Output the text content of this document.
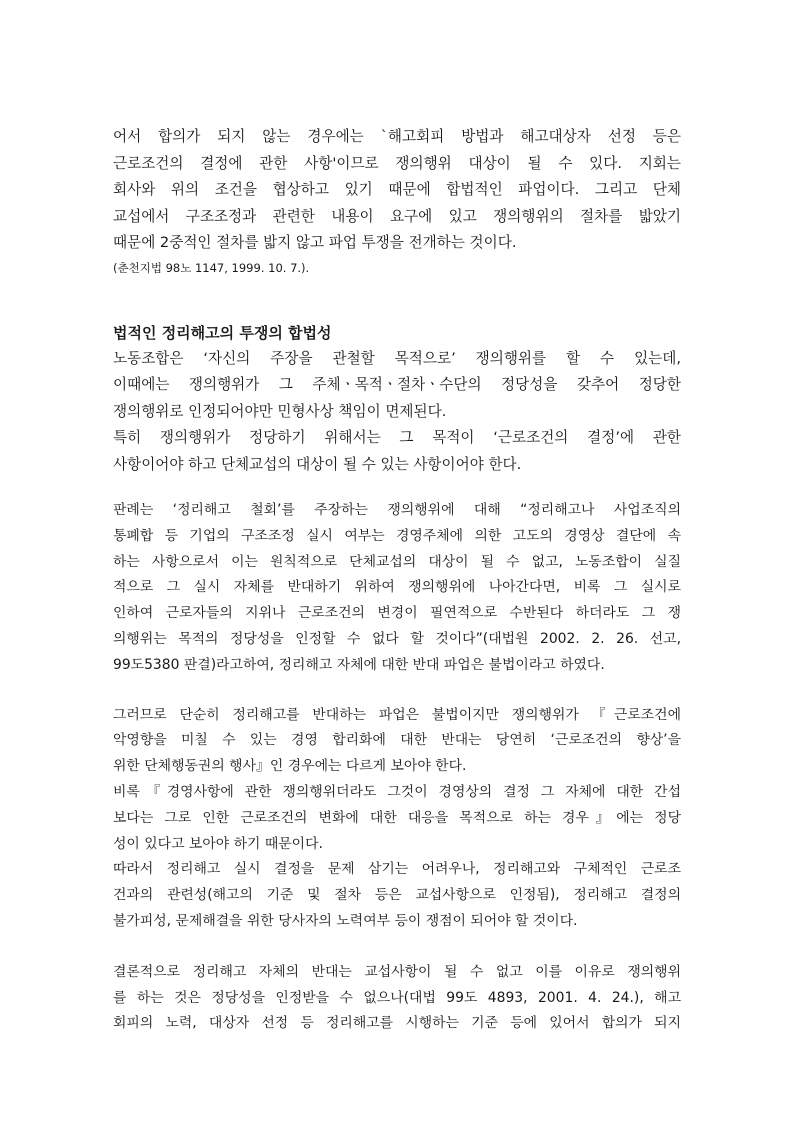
어서 합의가 되지 않는 경우에는 `해고회피 방법과 해고대상자 선정 등은

근로조건의 결정에 관한 사항'이므로 쟁의행위 대상이 될 수 있다. 지회는

회사와 위의 조건을 협상하고 있기 때문에 합법적인 파업이다. 그리고 단체

교섭에서 구조조정과 관련한 내용이 요구에 있고 쟁의행위의 절차를 밟았기

때문에 2중적인 절차를 밟지 않고 파업 투쟁을 전개하는 것이다.

(춘천지법 98노 1147, 1999. 10. 7.).

법적인 정리해고의 투쟁의 합법성

노동조합은 ‘자신의 주장을 관철할 목적으로’ 쟁의행위를 할 수 있는데,

이때에는 쟁의행위가 그 주체ㆍ목적ㆍ절차ㆍ수단의 정당성을 갖추어 정당한

쟁의행위로 인정되어야만 민형사상 책임이 면제된다.

특히 쟁의행위가 정당하기 위해서는 그 목적이 ‘근로조건의 결정’에 관한

사항이어야 하고 단체교섭의 대상이 될 수 있는 사항이어야 한다.

판례는 ‘정리해고 철회’를 주장하는 쟁의행위에 대해 “정리해고나 사업조직의

통폐합 등 기업의 구조조정 실시 여부는 경영주체에 의한 고도의 경영상 결단에 속

하는 사항으로서 이는 원칙적으로 단체교섭의 대상이 될 수 없고, 노동조합이 실질

적으로 그 실시 자체를 반대하기 위하여 쟁의행위에 나아간다면, 비록 그 실시로

인하여 근로자들의 지위나 근로조건의 변경이 필연적으로 수반된다 하더라도 그 쟁

의행위는 목적의 정당성을 인정할 수 없다 할 것이다”(대법원 2002. 2. 26. 선고,

99도5380 판결)라고하여, 정리해고 자체에 대한 반대 파업은 불법이라고 하였다.

그러므로 단순히 정리해고를 반대하는 파업은 불법이지만 쟁의행위가 『근로조건에

악영향을 미칠 수 있는 경영 합리화에 대한 반대는 당연히 ‘근로조건의 향상’을

위한 단체행동권의 행사』인 경우에는 다르게 보아야 한다.

비록『경영사항에 관한 쟁의행위더라도 그것이 경영상의 결정 그 자체에 대한 간섭

보다는 그로 인한 근로조건의 변화에 대한 대응을 목적으로 하는 경우』에는 정당

성이 있다고 보아야 하기 때문이다.

따라서 정리해고 실시 결정을 문제 삼기는 어려우나, 정리해고와 구체적인 근로조

건과의 관련성(해고의 기준 및 절차 등은 교섭사항으로 인정됨), 정리해고 결정의

불가피성, 문제해결을 위한 당사자의 노력여부 등이 쟁점이 되어야 할 것이다.

결론적으로 정리해고 자체의 반대는 교섭사항이 될 수 없고 이를 이유로 쟁의행위

를 하는 것은 정당성을 인정받을 수 없으나(대법 99도 4893, 2001. 4. 24.), 해고

회피의 노력, 대상자 선정 등 정리해고를 시행하는 기준 등에 있어서 합의가 되지
